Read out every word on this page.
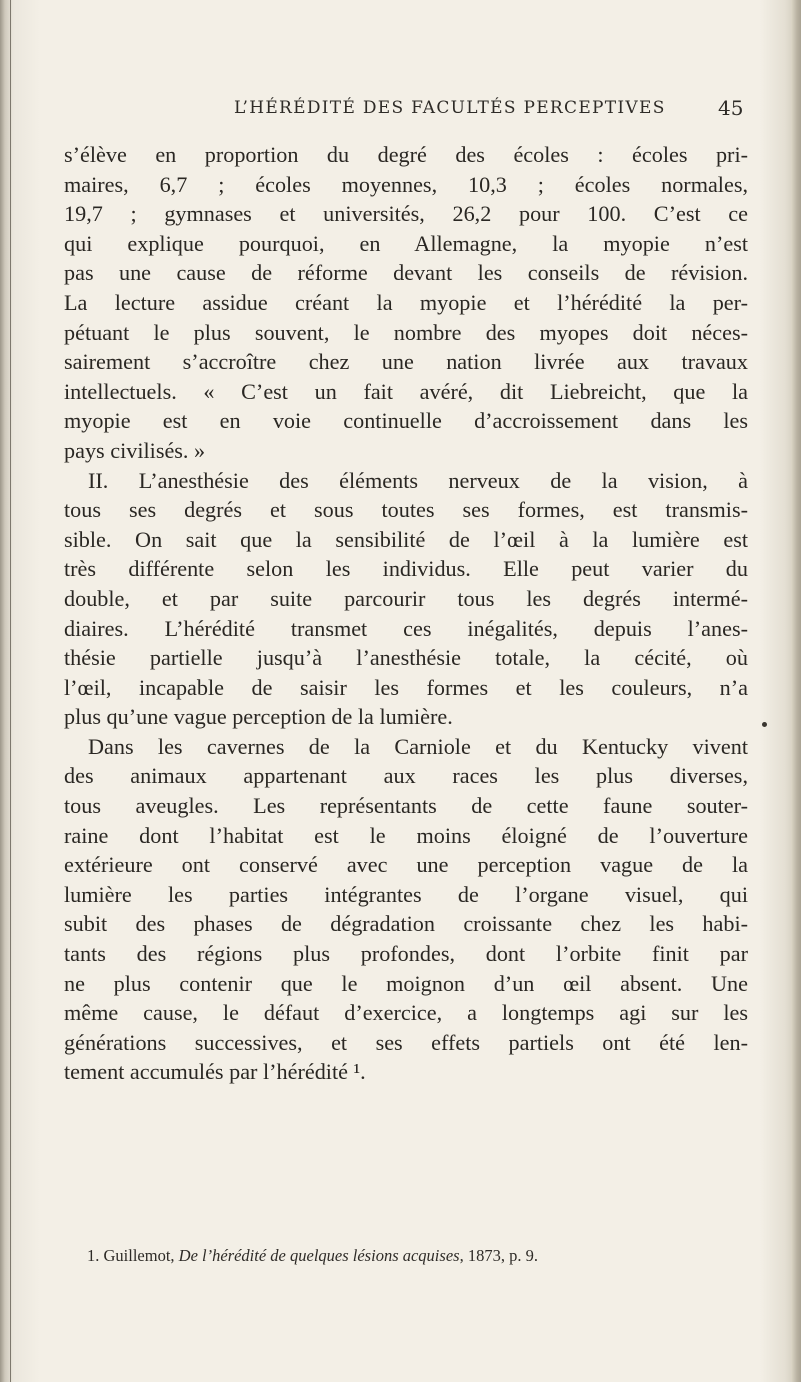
L’HÉRÉDITÉ DES FACULTÉS PERCEPTIVES	45
s’élève en proportion du degré des écoles : écoles pri-
maires, 6,7 ; écoles moyennes, 10,3 ; écoles normales,
19,7 ; gymnases et universités, 26,2 pour 100. C’est ce
qui explique pourquoi, en Allemagne, la myopie n’est
pas une cause de réforme devant les conseils de révision.
La lecture assidue créant la myopie et l’hérédité la per-
pétuant le plus souvent, le nombre des myopes doit néces-
sairement s’accroître chez une nation livrée aux travaux
intellectuels. « C’est un fait avéré, dit Liebreicht, que la
myopie est en voie continuelle d’accroissement dans les
pays civilisés. »
II. L’anesthésie des éléments nerveux de la vision, à
tous ses degrés et sous toutes ses formes, est transmis-
sible. On sait que la sensibilité de l’œil à la lumière est
très différente selon les individus. Elle peut varier du
double, et par suite parcourir tous les degrés intermé-
diaires. L’hérédité transmet ces inégalités, depuis l’anes-
thésie partielle jusqu’à l’anesthésie totale, la cécité, où
l’œil, incapable de saisir les formes et les couleurs, n’a
plus qu’une vague perception de la lumière.
Dans les cavernes de la Carniole et du Kentucky vivent
des animaux appartenant aux races les plus diverses,
tous aveugles. Les représentants de cette faune souter-
raine dont l’habitat est le moins éloigné de l’ouverture
extérieure ont conservé avec une perception vague de la
lumière les parties intégrantes de l’organe visuel, qui
subit des phases de dégradation croissante chez les habi-
tants des régions plus profondes, dont l’orbite finit par
ne plus contenir que le moignon d’un œil absent. Une
même cause, le défaut d’exercice, a longtemps agi sur les
générations successives, et ses effets partiels ont été len-
tement accumulés par l’hérédité ¹.
1. Guillemot, De l’hérédité de quelques lésions acquises, 1873, p. 9.
